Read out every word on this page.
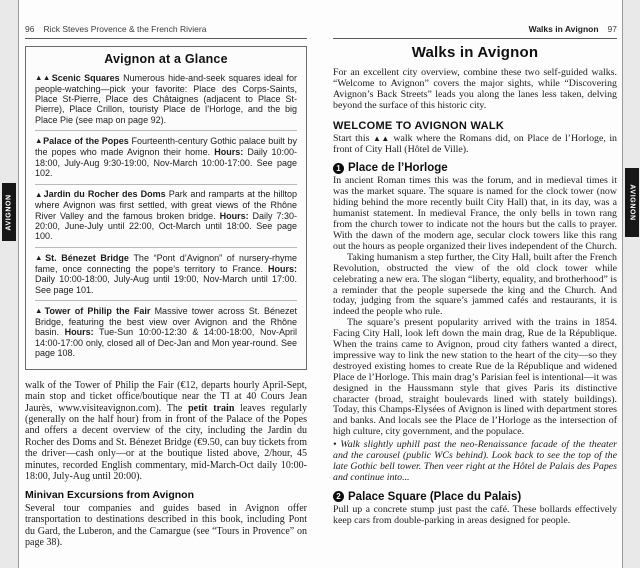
AVIGNON	AVIGNON
96 Rick Steves Provence & the French Riviera
Avignon at a Glance

▲▲Scenic Squares Numerous hide-and-seek squares ideal for people-watching—pick your favorite: Place des Corps-Saints, Place St-Pierre, Place des Châtaignes (adjacent to Place St-Pierre), Place Crillon, touristy Place de l’Horloge, and the big Place Pie (see map on page 92).

▲Palace of the Popes Fourteenth-century Gothic palace built by the popes who made Avignon their home. Hours: Daily 10:00-18:00, July-Aug 9:30-19:00, Nov-March 10:00-17:00. See page 102.

▲Jardin du Rocher des Doms Park and ramparts at the hilltop where Avignon was first settled, with great views of the Rhône River Valley and the famous broken bridge. Hours: Daily 7:30-20:00, June-July until 22:00, Oct-March until 18:00. See page 100.

▲St. Bénezet Bridge The “Pont d’Avignon” of nursery-rhyme fame, once connecting the pope’s territory to France. Hours: Daily 10:00-18:00, July-Aug until 19:00, Nov-March until 17:00. See page 101.

▲Tower of Philip the Fair Massive tower across St. Bénezet Bridge, featuring the best view over Avignon and the Rhône basin. Hours: Tue-Sun 10:00-12:30 & 14:00-18:00, Nov-April 14:00-17:00 only, closed all of Dec-Jan and Mon year-round. See page 108.

walk of the Tower of Philip the Fair (€12, departs hourly April-Sept, main stop and ticket office/boutique near the TI at 40 Cours Jean Jaurès, www.visiteavignon.com). The petit train leaves regularly (generally on the half hour) from in front of the Palace of the Popes and offers a decent overview of the city, including the Jardin du Rocher des Doms and St. Bénezet Bridge (€9.50, can buy tickets from the driver—cash only—or at the boutique listed above, 2/hour, 45 minutes, recorded English commentary, mid-March-Oct daily 10:00-18:00, July-Aug until 20:00).

Minivan Excursions from Avignon

Several tour companies and guides based in Avignon offer transportation to destinations described in this book, including Pont du Gard, the Luberon, and the Camargue (see “Tours in Provence” on page 38).

Walks in Avignon 97
Walks in Avignon

For an excellent city overview, combine these two self-guided walks. “Welcome to Avignon” covers the major sights, while “Discovering Avignon’s Back Streets” leads you along the lanes less taken, delving beyond the surface of this historic city.

WELCOME TO AVIGNON WALK

Start this ▲▲ walk where the Romans did, on Place de l’Horloge, in front of City Hall (Hôtel de Ville).

1 Place de l’Horloge

In ancient Roman times this was the forum, and in medieval times it was the market square. The square is named for the clock tower (now hiding behind the more recently built City Hall) that, in its day, was a humanist statement. In medieval France, the only bells in town rang from the church tower to indicate not the hours but the calls to prayer. With the dawn of the modern age, secular clock towers like this rang out the hours as people organized their lives independent of the Church.

Taking humanism a step further, the City Hall, built after the French Revolution, obstructed the view of the old clock tower while celebrating a new era. The slogan “liberty, equality, and brotherhood” is a reminder that the people supersede the king and the Church. And today, judging from the square’s jammed cafés and restaurants, it is indeed the people who rule.

The square’s present popularity arrived with the trains in 1854. Facing City Hall, look left down the main drag, Rue de la République. When the trains came to Avignon, proud city fathers wanted a direct, impressive way to link the new station to the heart of the city—so they destroyed existing homes to create Rue de la République and widened Place de l’Horloge. This main drag’s Parisian feel is intentional—it was designed in the Haussmann style that gives Paris its distinctive character (broad, straight boulevards lined with stately buildings). Today, this Champs-Elysées of Avignon is lined with department stores and banks. And locals see the Place de l’Horloge as the intersection of high culture, city government, and the populace.

• Walk slightly uphill past the neo-Renaissance facade of the theater and the carousel (public WCs behind). Look back to see the top of the late Gothic bell tower. Then veer right at the Hôtel de Palais des Papes and continue into...

2 Palace Square (Place du Palais)

Pull up a concrete stump just past the café. These bollards effectively keep cars from double-parking in areas designed for people.
